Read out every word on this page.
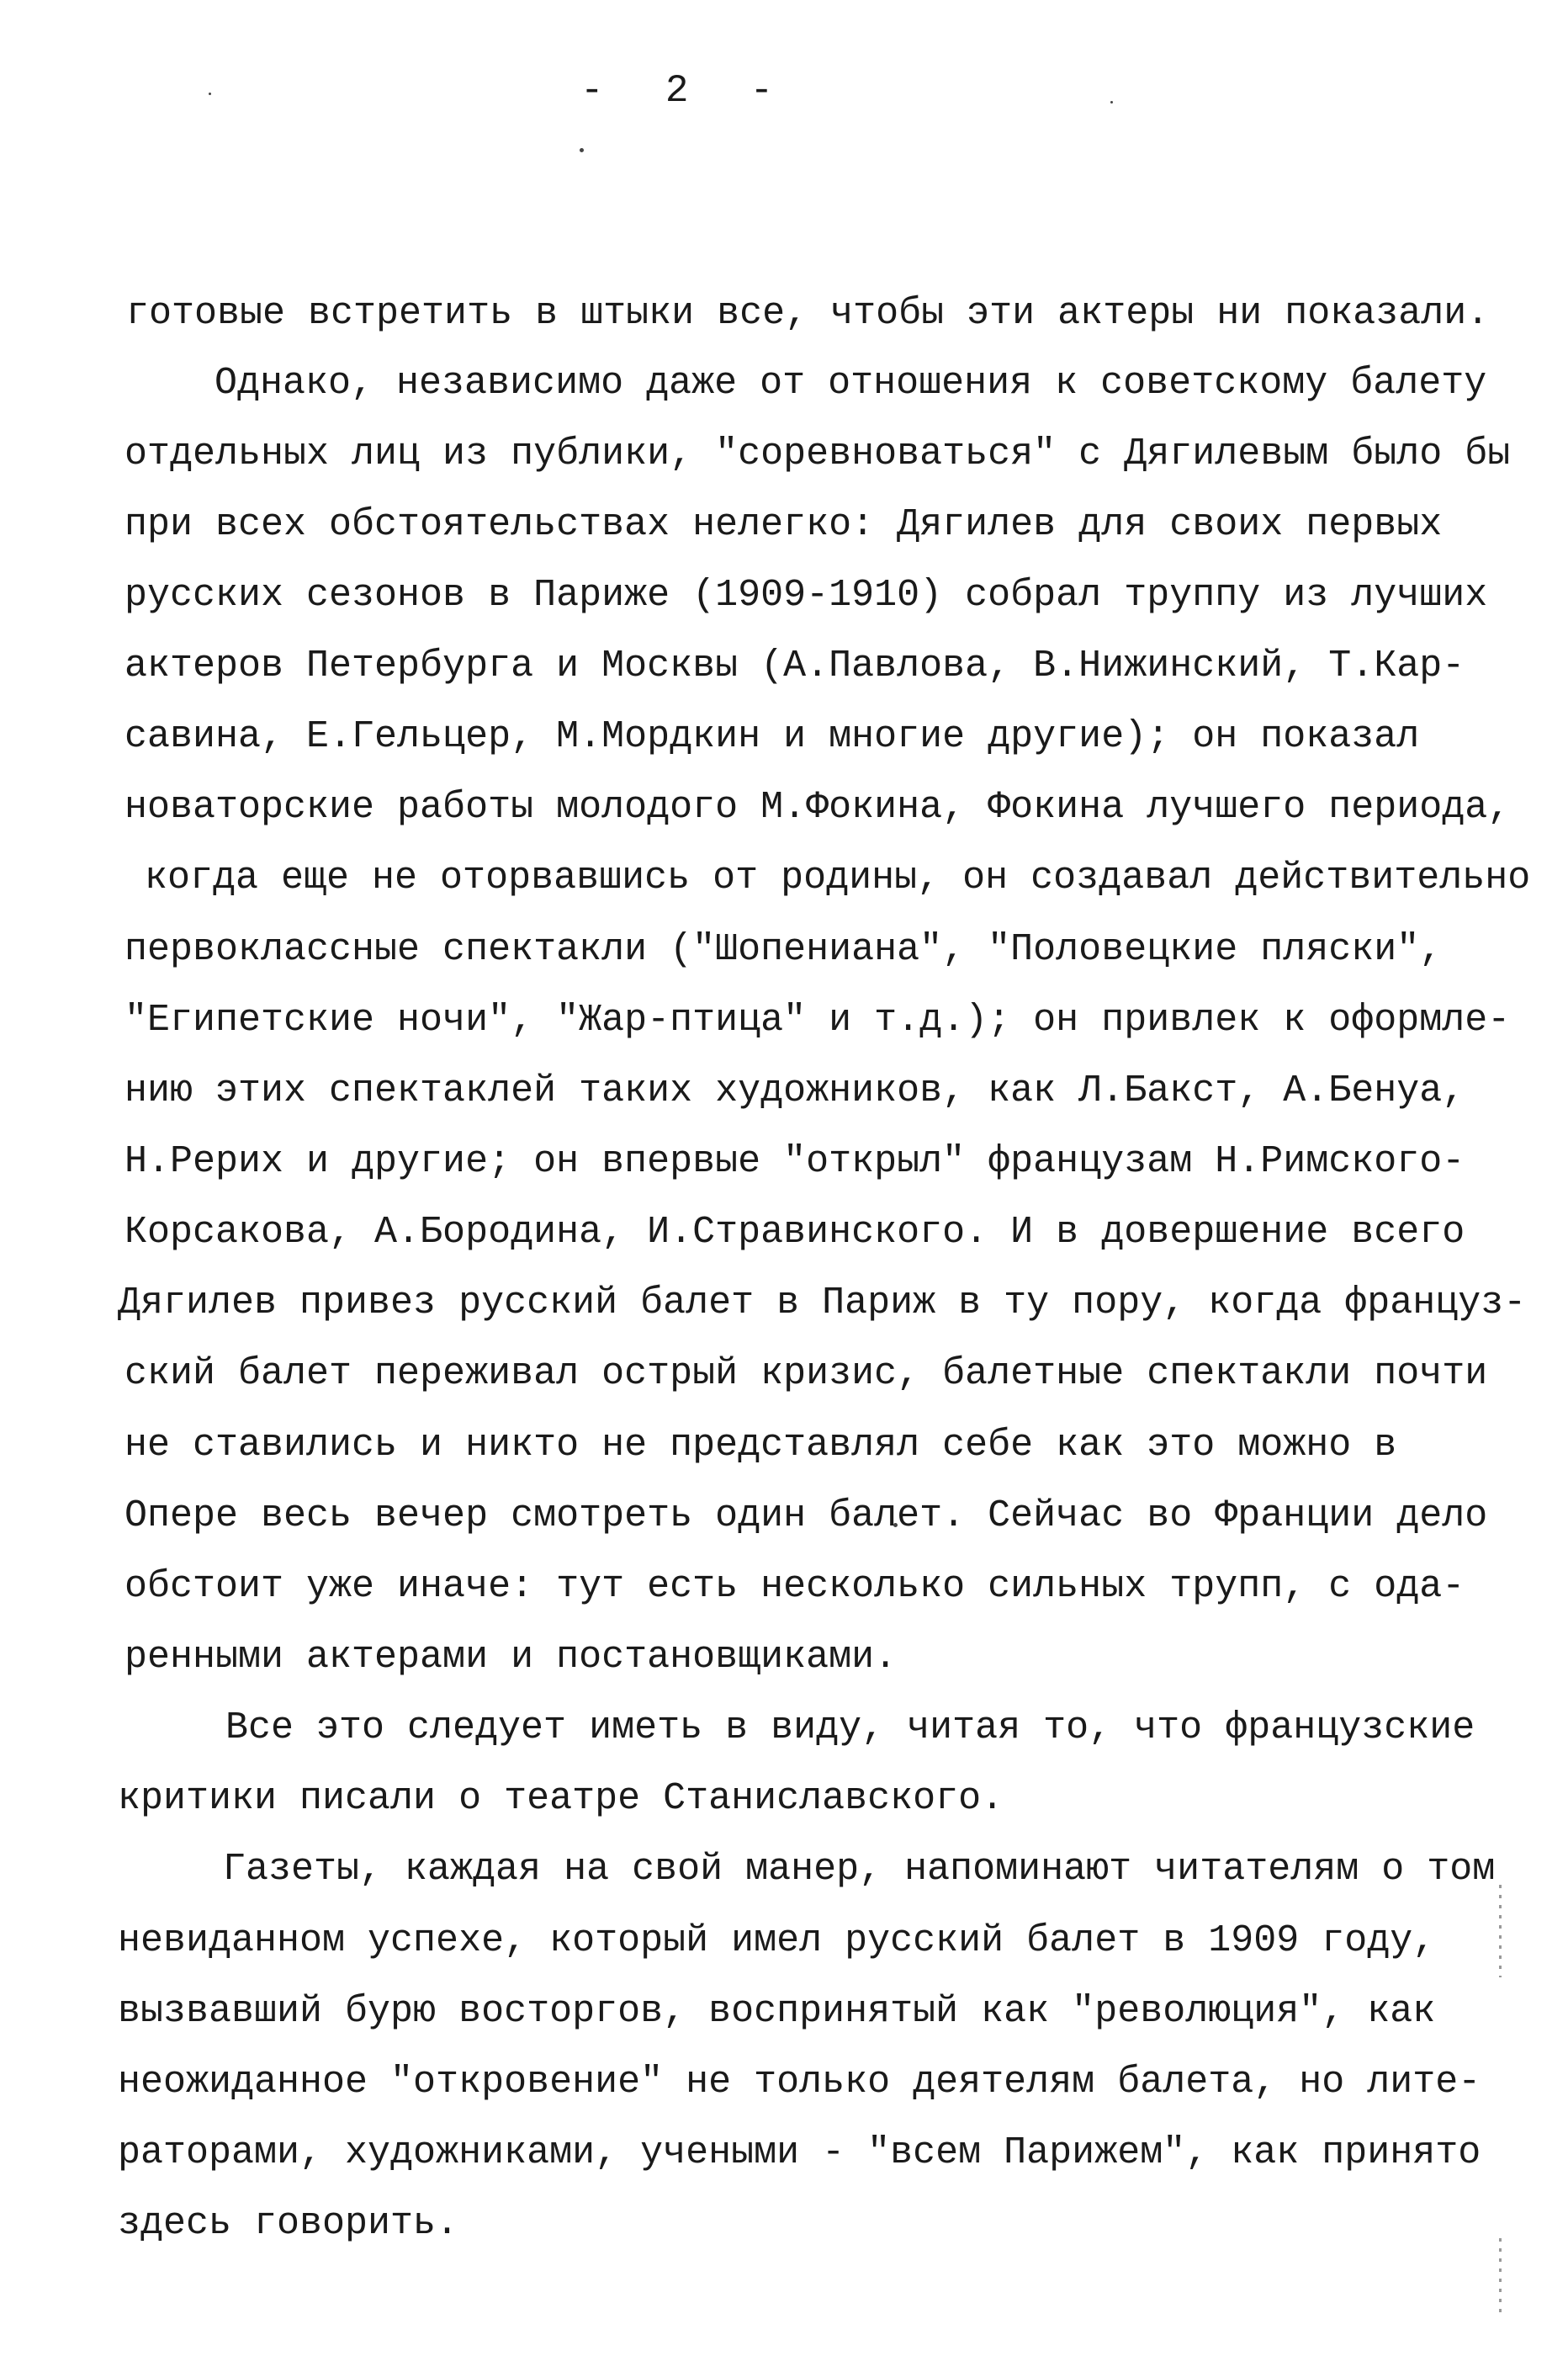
-  2  -
готовые встретить в штыки все, чтобы эти актеры ни показали.
Однако, независимо даже от отношения к советскому балету
отдельных лиц из публики, "соревноваться" с Дягилевым было бы
при всех обстоятельствах нелегко: Дягилев для своих первых
русских сезонов в Париже (1909-1910) собрал труппу из лучших
актеров Петербурга и Москвы (А.Павлова, В.Нижинский, Т.Кар-
савина, Е.Гельцер, М.Мордкин и многие другие); он показал
новаторские работы молодого М.Фокина, Фокина лучшего периода,
когда еще не оторвавшись от родины, он создавал действительно
первоклассные спектакли ("Шопениана", "Половецкие пляски",
"Египетские ночи", "Жар-птица" и т.д.); он привлек к оформле-
нию этих спектаклей таких художников, как Л.Бакст, А.Бенуа,
Н.Рерих и другие; он впервые "открыл" французам Н.Римского-
Корсакова, А.Бородина, И.Стравинского. И в довершение всего
Дягилев привез русский балет в Париж в ту пору, когда француз-
ский балет переживал острый кризис, балетные спектакли почти
не ставились и никто не представлял себе как это можно в
Опере весь вечер смотреть один балет. Сейчас во Франции дело
обстоит уже иначе: тут есть несколько сильных трупп, с ода-
ренными актерами и постановщиками.
Все это следует иметь в виду, читая то, что французские
критики писали о театре Станиславского.
Газеты, каждая на свой манер, напоминают читателям о том
невиданном успехе, который имел русский балет в 1909 году,
вызвавший бурю восторгов, воспринятый как "революция", как
неожиданное "откровение" не только деятелям балета, но лите-
раторами, художниками, учеными - "всем Парижем", как принято
здесь говорить.
